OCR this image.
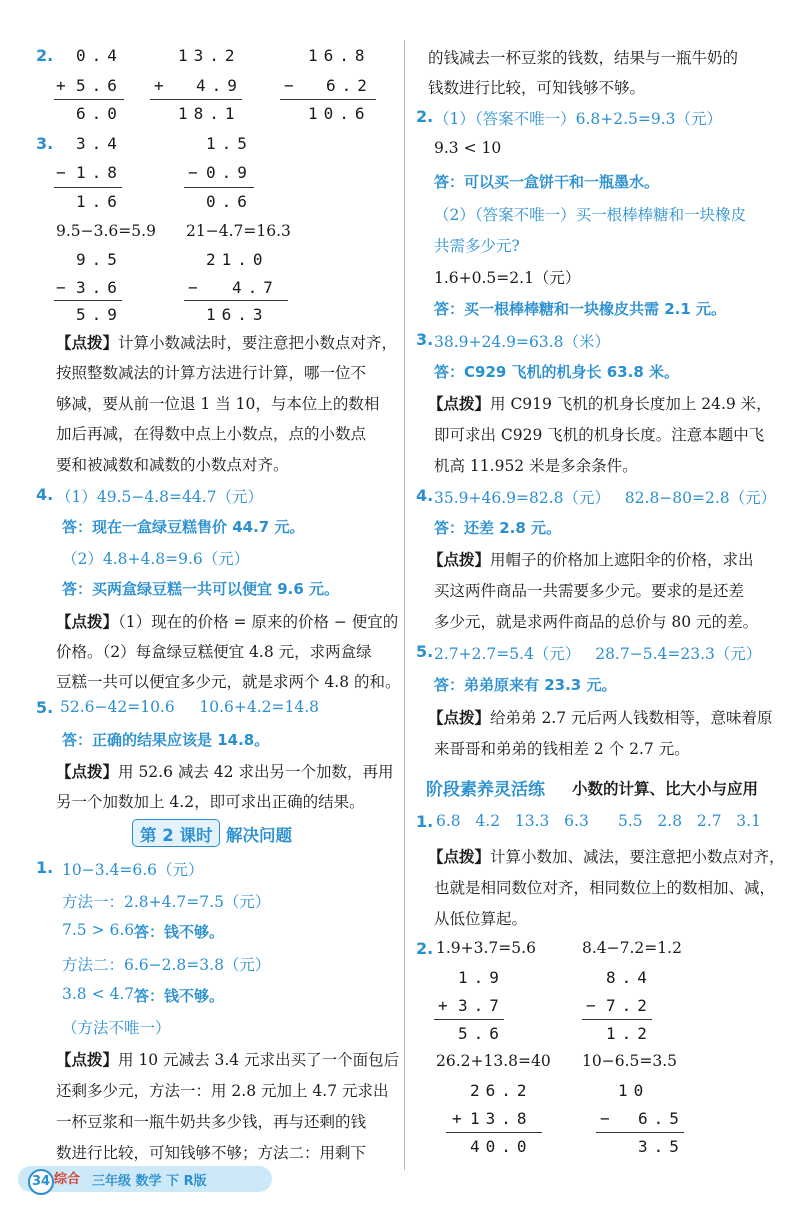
2. 0.4
+ 5.6
6.0
13.2
+ 4.9
18.1
16.8
− 6.2
10.6
3. 3.4
− 1.8
1.6
1.5
− 0.9
0.6
9.5−3.6=5.9 21−4.7=16.3
9.5
− 3.6
5.9
21.0
− 4.7
16.3
【点拨】计算小数减法时，要注意把小数点对齐，
按照整数减法的计算方法进行计算，哪一位不
够减，要从前一位退 1 当 10，与本位上的数相
加后再减，在得数中点上小数点，点的小数点
要和被减数和减数的小数点对齐。
4. （1）49.5−4.8=44.7（元）
答：现在一盒绿豆糕售价 44.7 元。
（2）4.8+4.8=9.6（元）
答：买两盒绿豆糕一共可以便宜 9.6 元。
【点拨】（1）现在的价格 = 原来的价格 − 便宜的
价格。（2）每盒绿豆糕便宜 4.8 元，求两盒绿
豆糕一共可以便宜多少元，就是求两个 4.8 的和。
5. 52.6−42=10.6     10.6+4.2=14.8
答：正确的结果应该是 14.8。
【点拨】用 52.6 减去 42 求出另一个加数，再用
另一个加数加上 4.2，即可求出正确的结果。
第 2 课时 解决问题
1. 10−3.4=6.6（元）
方法一：2.8+4.7=7.5（元）
7.5 > 6.6 答：钱不够。
方法二：6.6−2.8=3.8（元）
3.8 < 4.7 答：钱不够。
（方法不唯一）
【点拨】用 10 元减去 3.4 元求出买了一个面包后
还剩多少元，方法一：用 2.8 元加上 4.7 元求出
一杯豆浆和一瓶牛奶共多少钱，再与还剩的钱
数进行比较，可知钱够不够；方法二：用剩下
的钱减去一杯豆浆的钱数，结果与一瓶牛奶的
钱数进行比较，可知钱够不够。
2. （1）（答案不唯一）6.8+2.5=9.3（元）
9.3 < 10
答：可以买一盒饼干和一瓶墨水。
（2）（答案不唯一）买一根棒棒糖和一块橡皮
共需多少元?
1.6+0.5=2.1（元）
答：买一根棒棒糖和一块橡皮共需 2.1 元。
3. 38.9+24.9=63.8（米）
答：C929 飞机的机身长 63.8 米。
【点拨】用 C919 飞机的机身长度加上 24.9 米，
即可求出 C929 飞机的机身长度。注意本题中飞
机高 11.952 米是多余条件。
4. 35.9+46.9=82.8（元）   82.8−80=2.8（元）
答：还差 2.8 元。
【点拨】用帽子的价格加上遮阳伞的价格，求出
买这两件商品一共需要多少元。要求的是还差
多少元，就是求两件商品的总价与 80 元的差。
5. 2.7+2.7=5.4（元）   28.7−5.4=23.3（元）
答：弟弟原来有 23.3 元。
【点拨】给弟弟 2.7 元后两人钱数相等，意味着原
来哥哥和弟弟的钱相差 2 个 2.7 元。
阶段素养灵活练 小数的计算、比大小与应用
1. 6.8   4.2   13.3   6.3 5.5   2.8   2.7   3.1
【点拨】计算小数加、减法，要注意把小数点对齐，
也就是相同数位对齐，相同数位上的数相加、减，
从低位算起。
2. 1.9+3.7=5.6	8.4−7.2=1.2
1.9
+ 3.7
5.6
8.4
− 7.2
1.2
26.2+13.8=40 10−6.5=3.5
26.2
+ 13.8
40.0
10
− 6.5
3.5
34 综合 三年级 数学 下 R版
